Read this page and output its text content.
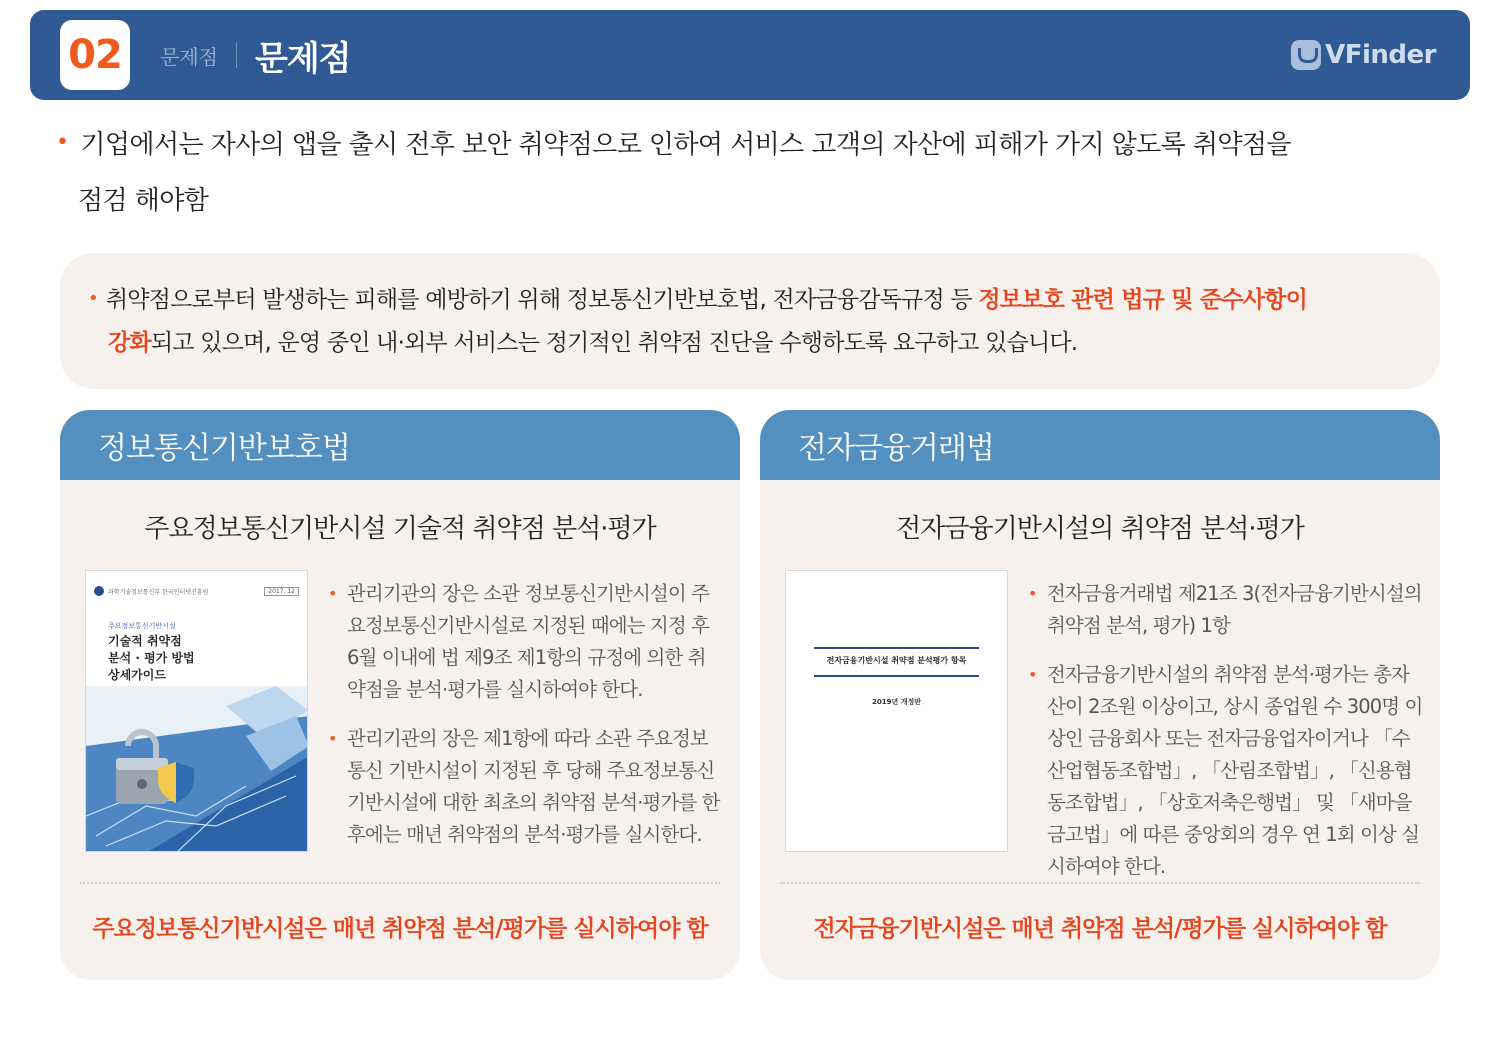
02	문제점 문제점	VFinder
• 기업에서는 자사의 앱을 출시 전후 보안 취약점으로 인하여 서비스 고객의 자산에 피해가 가지 않도록 취약점을
점검 해야함
• 취약점으로부터 발생하는 피해를 예방하기 위해 정보통신기반보호법, 전자금융감독규정 등 정보보호 관련 법규 및 준수사항이
강화되고 있으며, 운영 중인 내·외부 서비스는 정기적인 취약점 진단을 수행하도록 요구하고 있습니다.
정보통신기반보호법
주요정보통신기반시설 기술적 취약점 분석·평가
과학기술정보통신부 한국인터넷진흥원	2017. 12
주요정보통신기반시설
기술적 취약점
분석 · 평가 방법
상세가이드
• 관리기관의 장은 소관 정보통신기반시설이 주요정보통신기반시설로 지정된 때에는 지정 후 6월 이내에 법 제9조 제1항의 규정에 의한 취약점을 분석·평가를 실시하여야 한다.
• 관리기관의 장은 제1항에 따라 소관 주요정보통신 기반시설이 지정된 후 당해 주요정보통신기반시설에 대한 최초의 취약점 분석·평가를 한 후에는 매년 취약점의 분석·평가를 실시한다.
주요정보통신기반시설은 매년 취약점 분석/평가를 실시하여야 함
전자금융거래법
전자금융기반시설의 취약점 분석·평가
전자금융기반시설 취약점 분석평가 항목
2019년 개정판
• 전자금융거래법 제21조 3(전자금융기반시설의 취약점 분석, 평가) 1항
• 전자금융기반시설의 취약점 분석·평가는 총자산이 2조원 이상이고, 상시 종업원 수 300명 이상인 금융회사 또는 전자금융업자이거나 「수산업협동조합법」, 「산림조합법」, 「신용협동조합법」, 「상호저축은행법」 및 「새마을금고법」에 따른 중앙회의 경우 연 1회 이상 실시하여야 한다.
전자금융기반시설은 매년 취약점 분석/평가를 실시하여야 함
